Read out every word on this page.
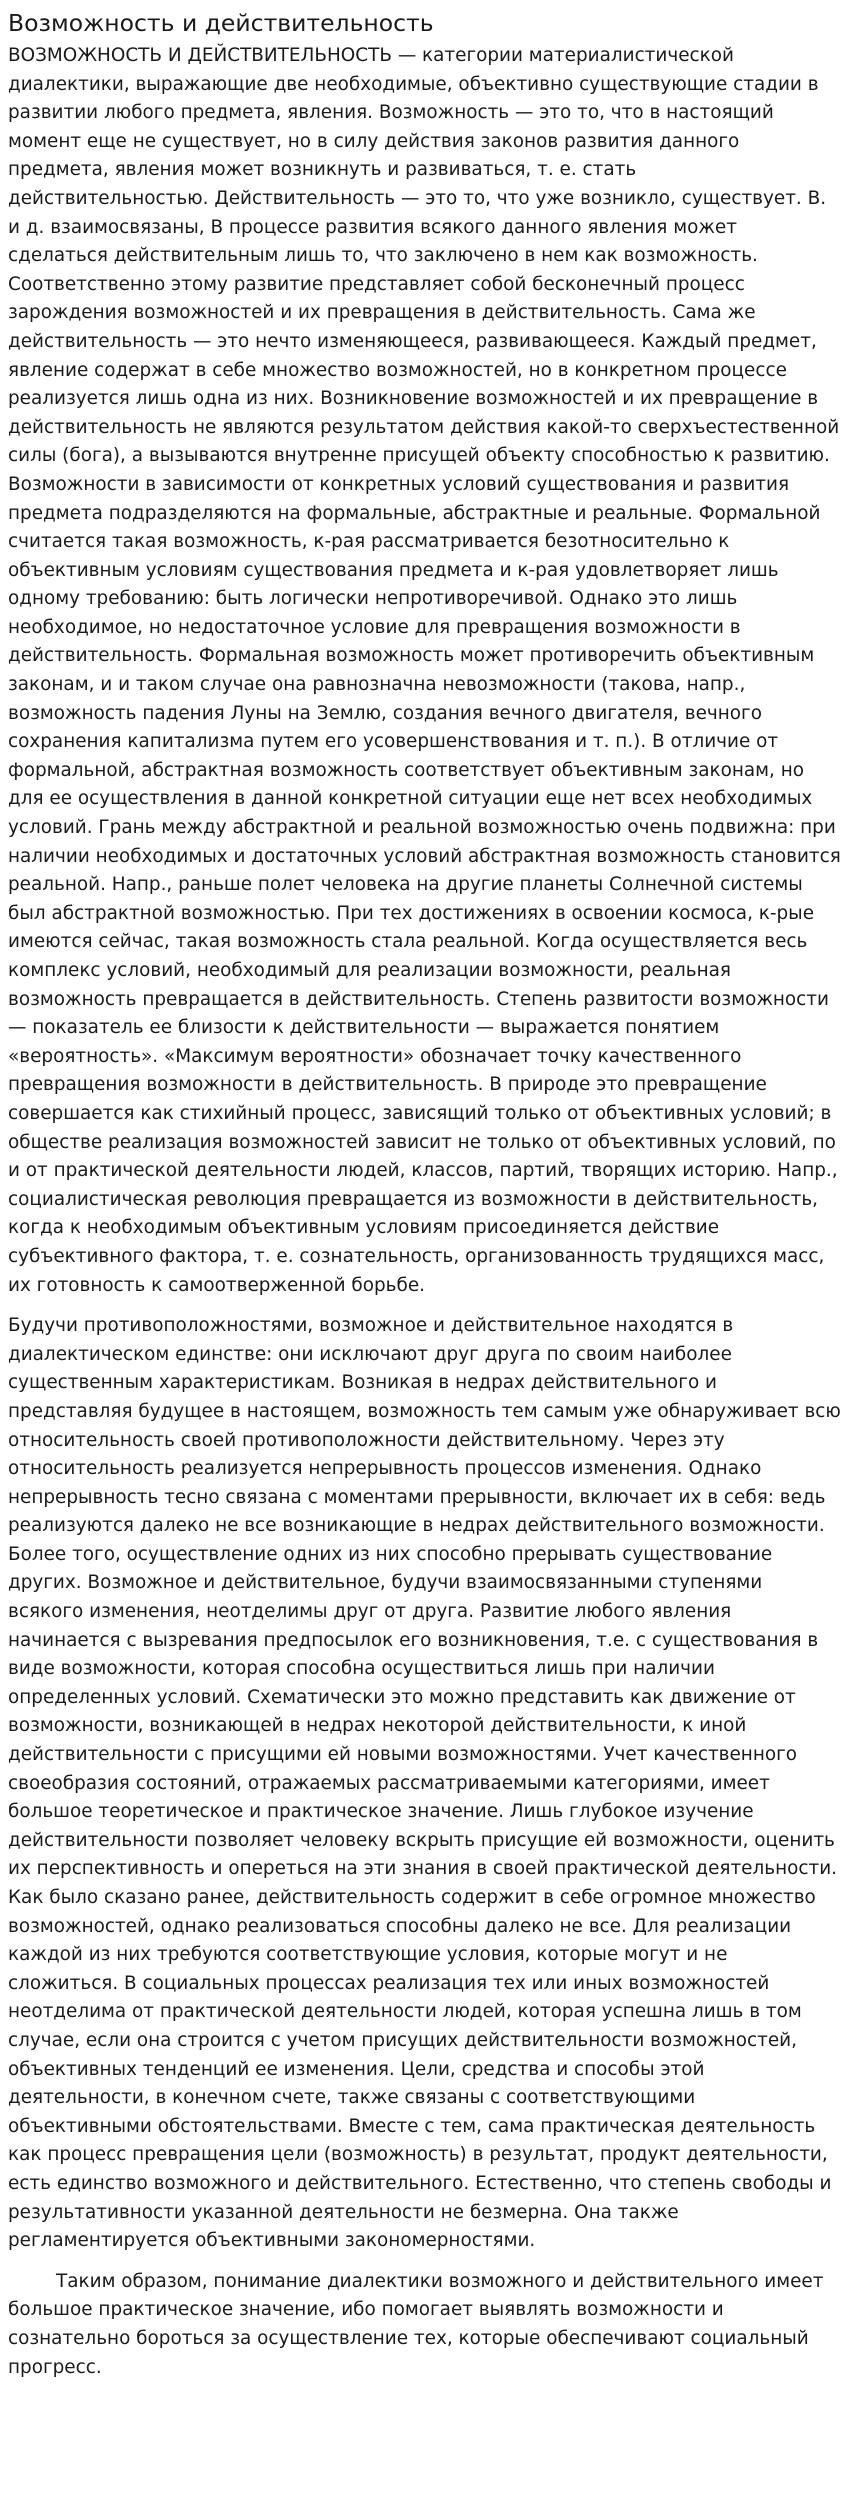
Возможность и действительность

ВОЗМОЖНОСТЬ И ДЕЙСТВИТЕЛЬНОСТЬ — категории материалистической диалектики, выражающие две необходимые, объективно существующие стадии в развитии любого предмета, явления. Возможность — это то, что в настоящий момент еще не существует, но в силу действия законов развития данного предмета, явления может возникнуть и развиваться, т. е. стать действительностью. Действительность — это то, что уже возникло, существует. В. и д. взаимосвязаны, В процессе развития всякого данного явления может сделаться действительным лишь то, что заключено в нем как возможность. Соответственно этому развитие представляет собой бесконечный процесс зарождения возможностей и их превращения в действительность. Сама же действительность — это нечто изменяющееся, развивающееся. Каждый предмет, явление содержат в себе множество возможностей, но в конкретном процессе реализуется лишь одна из них. Возникновение возможностей и их превращение в действительность не являются результатом действия какой-то сверхъестественной силы (бога), а вызываются внутренне присущей объекту способностью к развитию. Возможности в зависимости от конкретных условий существования и развития предмета подразделяются на формальные, абстрактные и реальные. Формальной считается такая возможность, к-рая рассматривается безотносительно к объективным условиям существования предмета и к-рая удовлетворяет лишь одному требованию: быть логически непротиворечивой. Однако это лишь необходимое, но недостаточное условие для превращения возможности в действительность. Формальная возможность может противоречить объективным законам, и и таком случае она равнозначна невозможности (такова, напр., возможность падения Луны на Землю, создания вечного двигателя, вечного сохранения капитализма путем его усовершенствования и т. п.). В отличие от формальной, абстрактная возможность соответствует объективным законам, но для ее осуществления в данной конкретной ситуации еще нет всех необходимых условий. Грань между абстрактной и реальной возможностью очень подвижна: при наличии необходимых и достаточных условий абстрактная возможность становится реальной. Напр., раньше полет человека на другие планеты Солнечной системы был абстрактной возможностью. При тех достижениях в освоении космоса, к-рые имеются сейчас, такая возможность стала реальной. Когда осуществляется весь комплекс условий, необходимый для реализации возможности, реальная возможность превращается в действительность. Степень развитости возможности — показатель ее близости к действительности — выражается понятием «вероятность». «Максимум вероятности» обозначает точку качественного превращения возможности в действительность. В природе это превращение совершается как стихийный процесс, зависящий только от объективных условий; в обществе реализация возможностей зависит не только от объективных условий, по и от практической деятельности людей, классов, партий, творящих историю. Напр., социалистическая революция превращается из возможности в действительность, когда к необходимым объективным условиям присоединяется действие субъективного фактора, т. е. сознательность, организованность трудящихся масс, их готовность к самоотверженной борьбе.

Будучи противоположностями, возможное и действительное находятся в диалектическом единстве: они исключают друг друга по своим наиболее существенным характеристикам. Возникая в недрах действительного и представляя будущее в настоящем, возможность тем самым уже обнаруживает всю относительность своей противоположности действительному. Через эту относительность реализуется непрерывность процессов изменения. Однако непрерывность тесно связана с моментами прерывности, включает их в себя: ведь реализуются далеко не все возникающие в недрах действительного возможности. Более того, осуществление одних из них способно прерывать существование других. Возможное и действительное, будучи взаимосвязанными ступенями всякого изменения, неотделимы друг от друга. Развитие любого явления начинается с вызревания предпосылок его возникновения, т.е. с существования в виде возможности, которая способна осуществиться лишь при наличии определенных условий. Схематически это можно представить как движение от возможности, возникающей в недрах некоторой действительности, к иной действительности с присущими ей новыми возможностями. Учет качественного своеобразия состояний, отражаемых рассматриваемыми категориями, имеет большое теоретическое и практическое значение. Лишь глубокое изучение действительности позволяет человеку вскрыть присущие ей возможности, оценить их перспективность и опереться на эти знания в своей практической деятельности. Как было сказано ранее, действительность содержит в себе огромное множество возможностей, однако реализоваться способны далеко не все. Для реализации каждой из них требуются соответствующие условия, которые могут и не сложиться. В социальных процессах реализация тех или иных возможностей неотделима от практической деятельности людей, которая успешна лишь в том случае, если она строится с учетом присущих действительности возможностей, объективных тенденций ее изменения. Цели, средства и способы этой деятельности, в конечном счете, также связаны с соответствующими объективными обстоятельствами. Вместе с тем, сама практическая деятельность как процесс превращения цели (возможность) в результат, продукт деятельности, есть единство возможного и действительного. Естественно, что степень свободы и результативности указанной деятельности не безмерна. Она также регламентируется объективными закономерностями.

Таким образом, понимание диалектики возможного и действительного имеет большое практическое значение, ибо помогает выявлять возможности и сознательно бороться за осуществление тех, которые обеспечивают социальный прогресс.
